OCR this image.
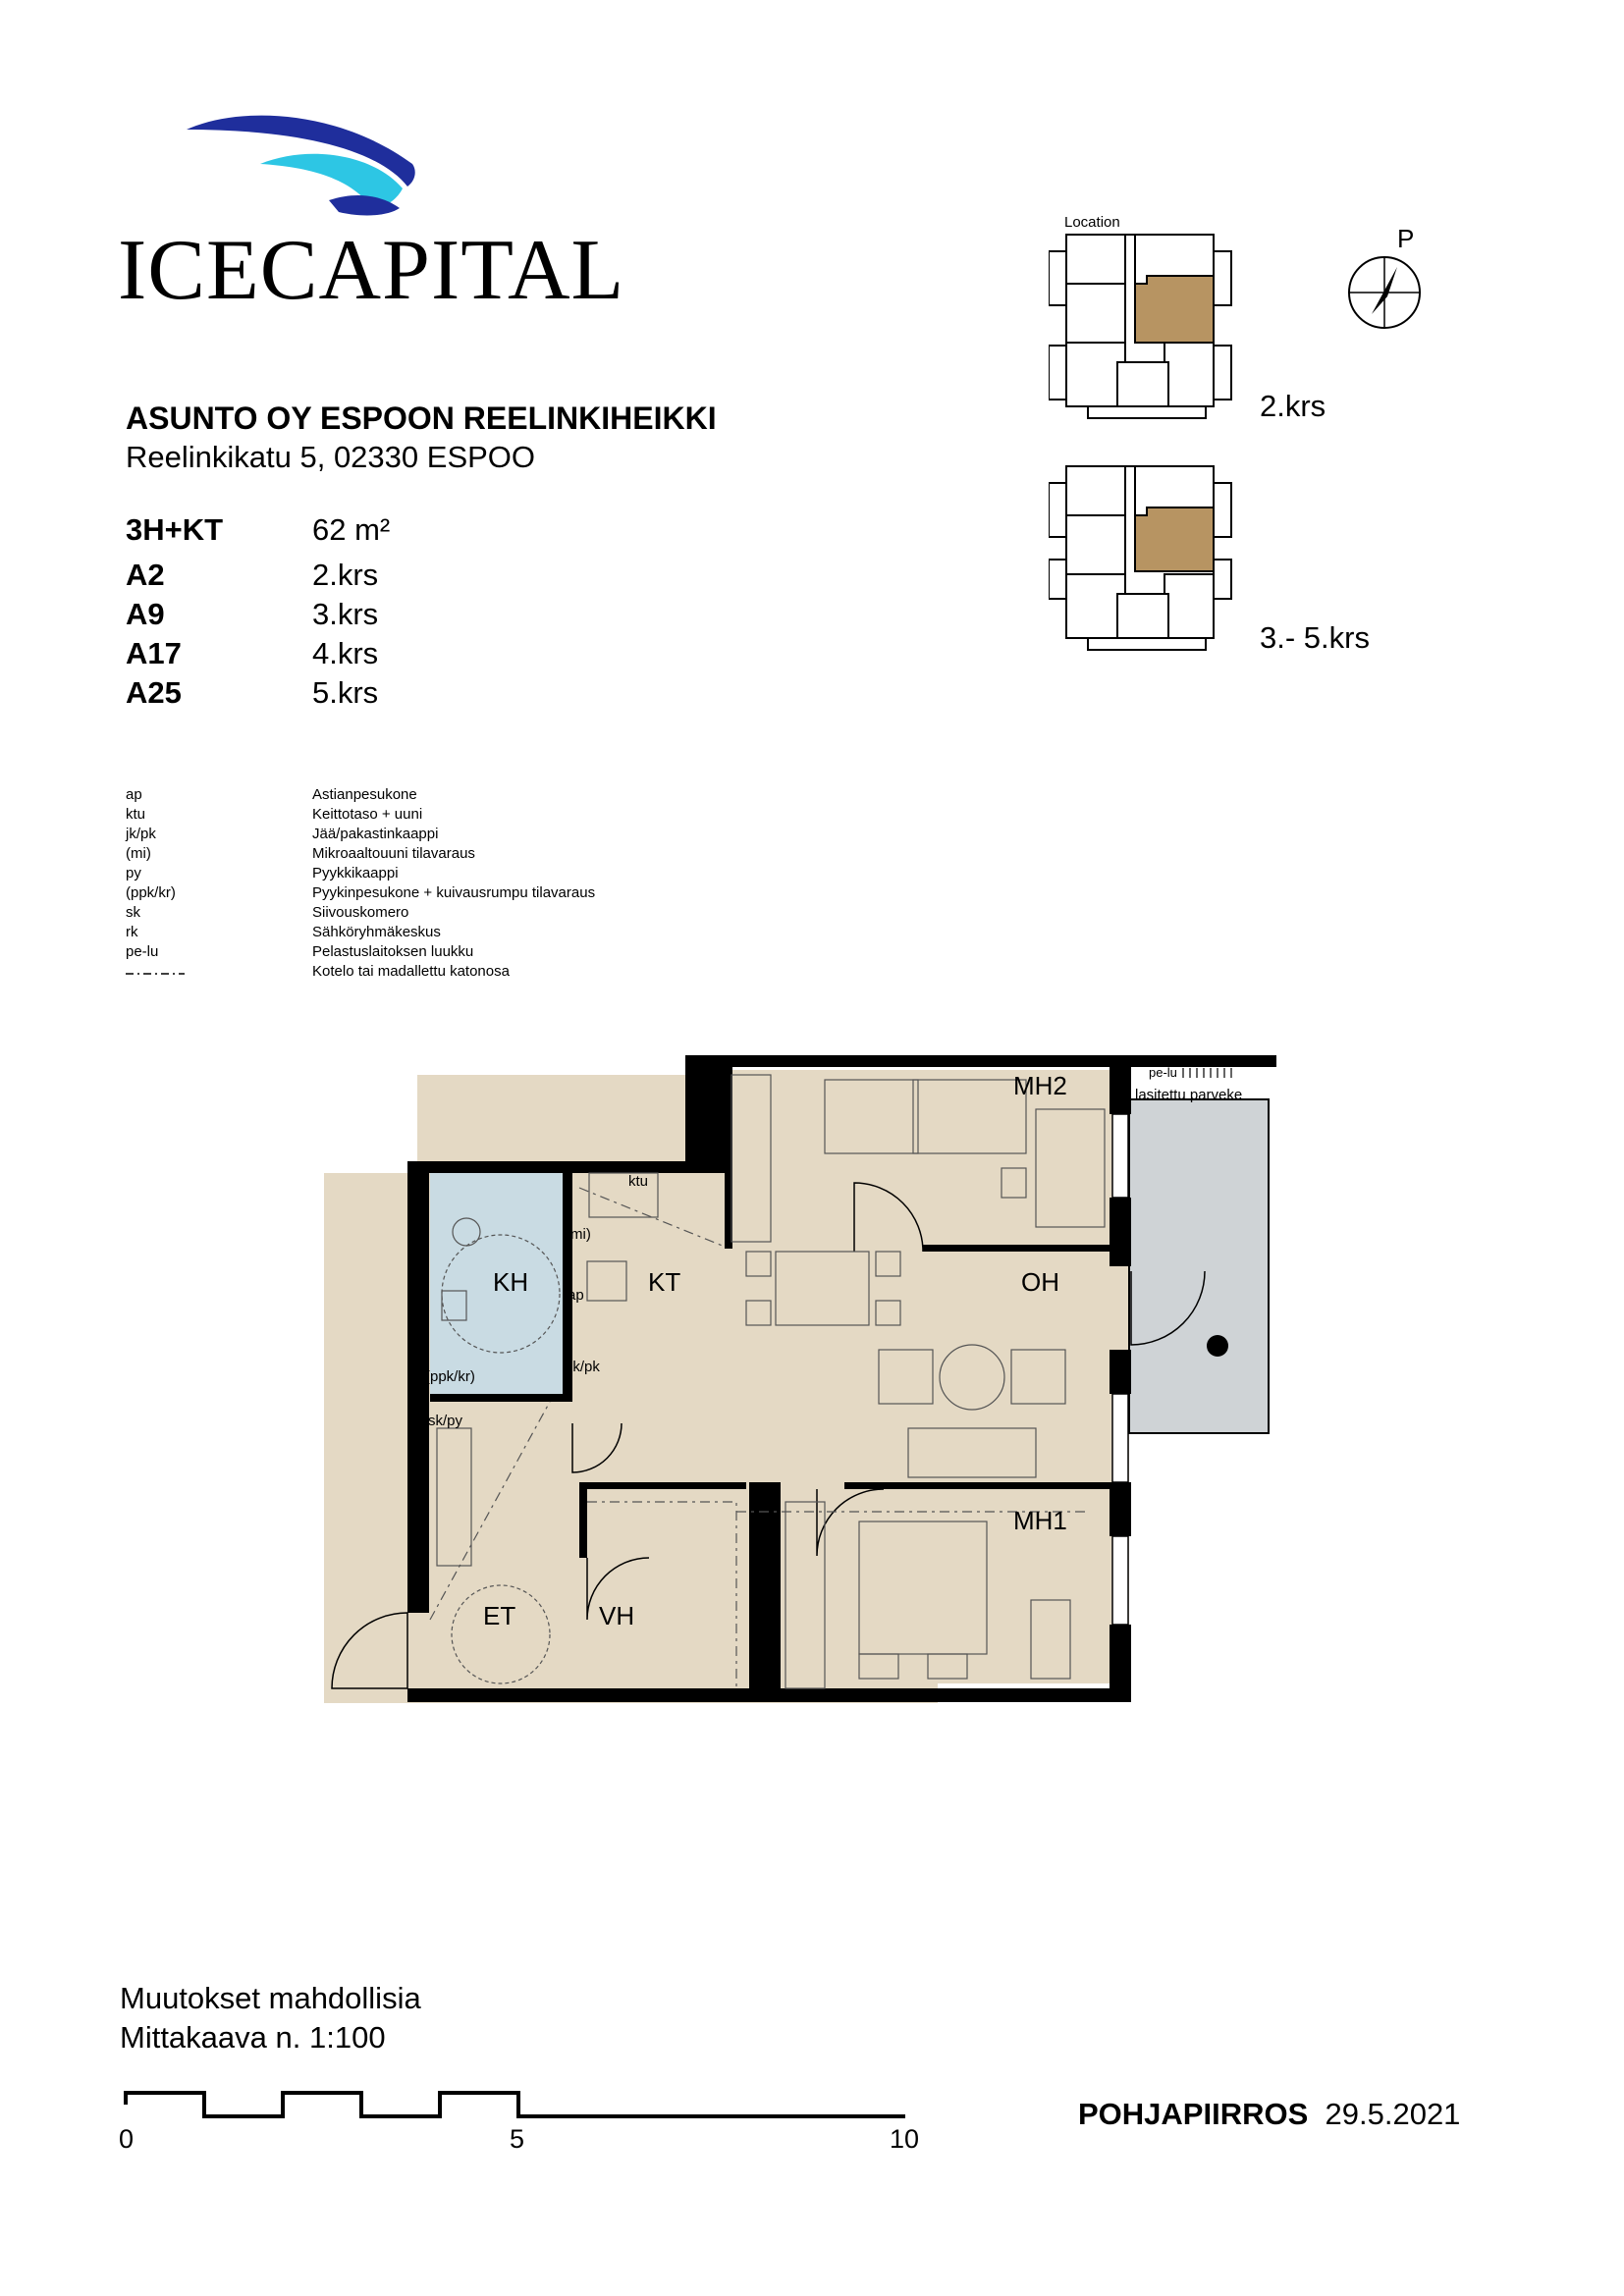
ICECAPITAL
ASUNTO OY ESPOON REELINKIHEIKKI
Reelinkikatu 5, 02330 ESPOO
3H+KT	62 m²
A2	2.krs
A9	3.krs
A17	4.krs
A25	5.krs
ap	Astianpesukone
ktu	Keittotaso + uuni
jk/pk	Jää/pakastinkaappi
(mi)	Mikroaaltouuni tilavaraus
py	Pyykkikaappi
(ppk/kr)	Pyykinpesukone + kuivausrumpu tilavaraus
sk	Siivouskomero
rk	Sähköryhmäkeskus
pe-lu	Pelastuslaitoksen luukku
Kotelo tai madallettu katonosa
Location
2.krs
3.- 5.krs
P
MH2
MH1
KT	OH
KH
ET	VH
ktu
(mi)
ap
jk/pk
(ppk/kr)
sk/py
pe-lu
lasitettu parveke
Muutokset mahdollisia
Mittakaava n. 1:100
0	5	10
POHJAPIIRROS 29.5.2021
